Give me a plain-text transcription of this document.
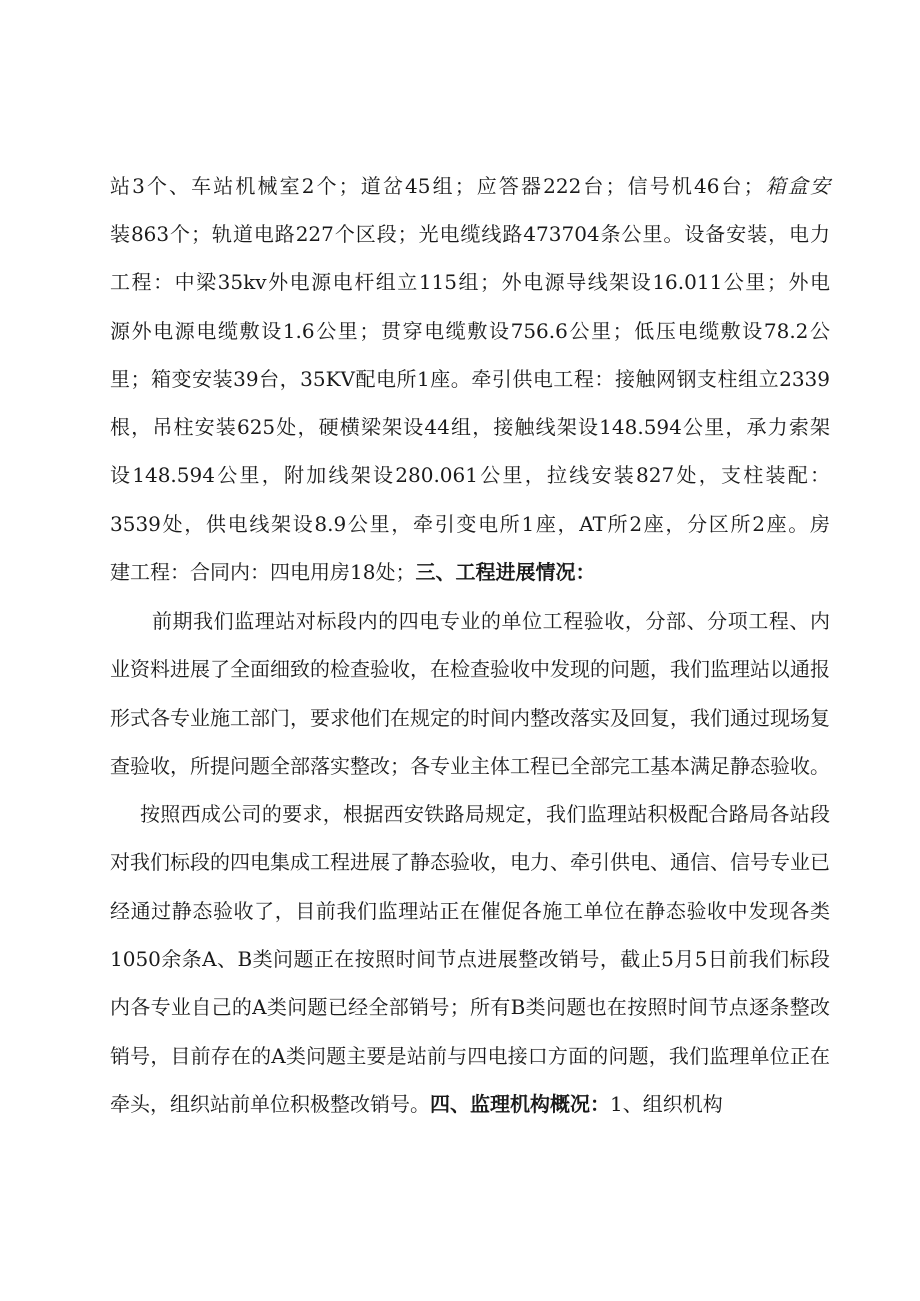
站3个、车站机械室2个；道岔45组；应答器222台；信号机46台；箱盒安
装863个；轨道电路227个区段；光电缆线路473704条公里。设备安装，电力
工程：中梁35kv外电源电杆组立115组；外电源导线架设16.011公里；外电
源外电源电缆敷设1.6公里；贯穿电缆敷设756.6公里；低压电缆敷设78.2公
里；箱变安装39台，35KV配电所1座。牵引供电工程：接触网钢支柱组立2339
根，吊柱安装625处，硬横梁架设44组，接触线架设148.594公里，承力索架
设148.594公里，附加线架设280.061公里，拉线安装827处，支柱装配：
3539处，供电线架设8.9公里，牵引变电所1座，AT所2座，分区所2座。房
建工程：合同内：四电用房18处；三、工程进展情况：
前期我们监理站对标段内的四电专业的单位工程验收，分部、分项工程、内
业资料进展了全面细致的检查验收，在检查验收中发现的问题，我们监理站以通报
形式各专业施工部门，要求他们在规定的时间内整改落实及回复，我们通过现场复
查验收，所提问题全部落实整改；各专业主体工程已全部完工基本满足静态验收。
按照西成公司的要求，根据西安铁路局规定，我们监理站积极配合路局各站段
对我们标段的四电集成工程进展了静态验收，电力、牵引供电、通信、信号专业已
经通过静态验收了，目前我们监理站正在催促各施工单位在静态验收中发现各类
1050余条A、B类问题正在按照时间节点进展整改销号，截止5月5日前我们标段
内各专业自己的A类问题已经全部销号；所有B类问题也在按照时间节点逐条整改
销号，目前存在的A类问题主要是站前与四电接口方面的问题，我们监理单位正在
牵头，组织站前单位积极整改销号。四、监理机构概况：1、组织机构
